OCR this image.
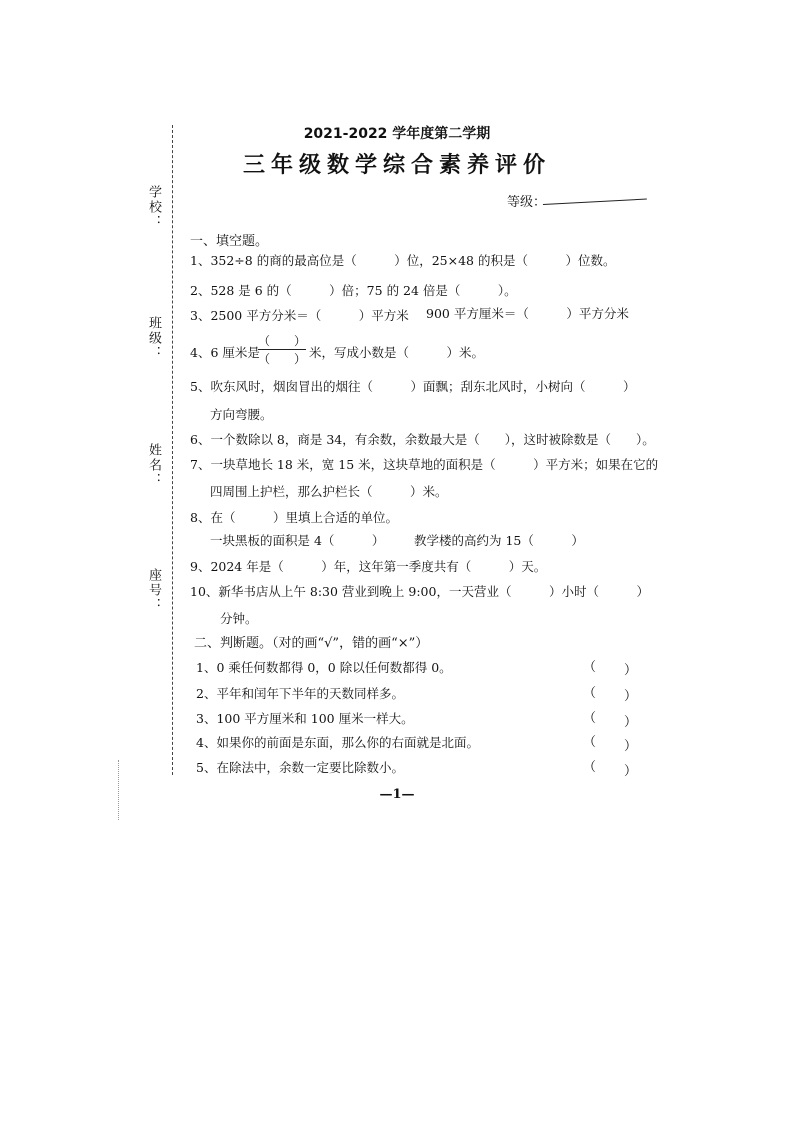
学校：
班级：
姓名：
座号：
2021-2022 学年度第二学期
三年级数学综合素养评价
等级：
一、填空题。
1、352÷8 的商的最高位是（　　　）位，25×48 的积是（　　　）位数。
2、528 是 6 的（　　　）倍；75 的 24 倍是（　　　）。
3、2500 平方分米＝（　　　）平方米 900 平方厘米＝（　　　）平方分米
4、6 厘米是
（　　）
（　　） 米，写成小数是（　　　）米。
5、吹东风时，烟囱冒出的烟往（　　　）面飘；刮东北风时，小树向（　　　）
方向弯腰。
6、一个数除以 8，商是 34，有余数，余数最大是（　　），这时被除数是（　　）。
7、一块草地长 18 米，宽 15 米，这块草地的面积是（　　　）平方米；如果在它的
四周围上护栏，那么护栏长（　　　）米。
8、在（　　　）里填上合适的单位。
一块黑板的面积是 4（　　　） 教学楼的高约为 15（　　　）
9、2024 年是（　　　）年，这年第一季度共有（　　　）天。
10、新华书店从上午 8:30 营业到晚上 9:00，一天营业（　　　）小时（　　　）
分钟。
二、判断题。（对的画“√”，错的画“×”）
1、0 乘任何数都得 0，0 除以任何数都得 0。	（ ）
2、平年和闰年下半年的天数同样多。	（ ）
3、100 平方厘米和 100 厘米一样大。	（ ）
4、如果你的前面是东面，那么你的右面就是北面。	（ ）
5、在除法中，余数一定要比除数小。	（ ）
—1—
